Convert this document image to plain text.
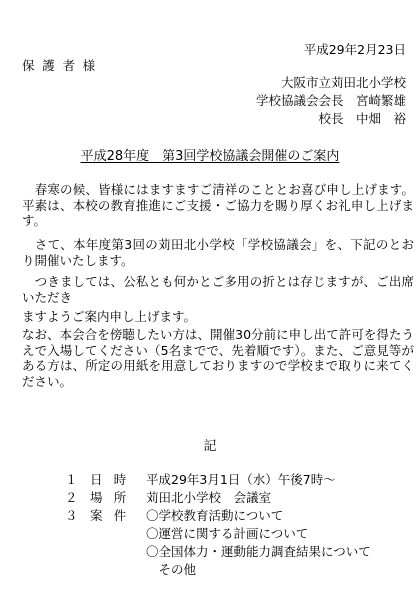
平成29年2月23日
保 護 者 様
大阪市立苅田北小学校
学校協議会会長　宮崎繁雄
校長　中畑　裕
平成28年度　第3回学校協議会開催のご案内

　春寒の候、皆様にはますますご清祥のこととお喜び申し上げます。平素は、本校の教育推進にご支援・ご協力を賜り厚くお礼申し上げます。

　さて、本年度第3回の苅田北小学校「学校協議会」を、下記のとおり開催いたします。

　つきましては、公私とも何かとご多用の折とは存じますが、ご出席いただき

ますようご案内申し上げます。

なお、本会合を傍聴したい方は、開催30分前に申し出て許可を得たうえで入場してください（5名までで、先着順です）。また、ご意見等がある方は、所定の用紙を用意しておりますので学校まで取りに来てください。

記
１ 日時 平成29年3月1日（水）午後7時～
２ 場所 苅田北小学校　会議室
３ 案件 〇学校教育活動について
〇運営に関する計画について
〇全国体力・運動能力調査結果について
　その他
